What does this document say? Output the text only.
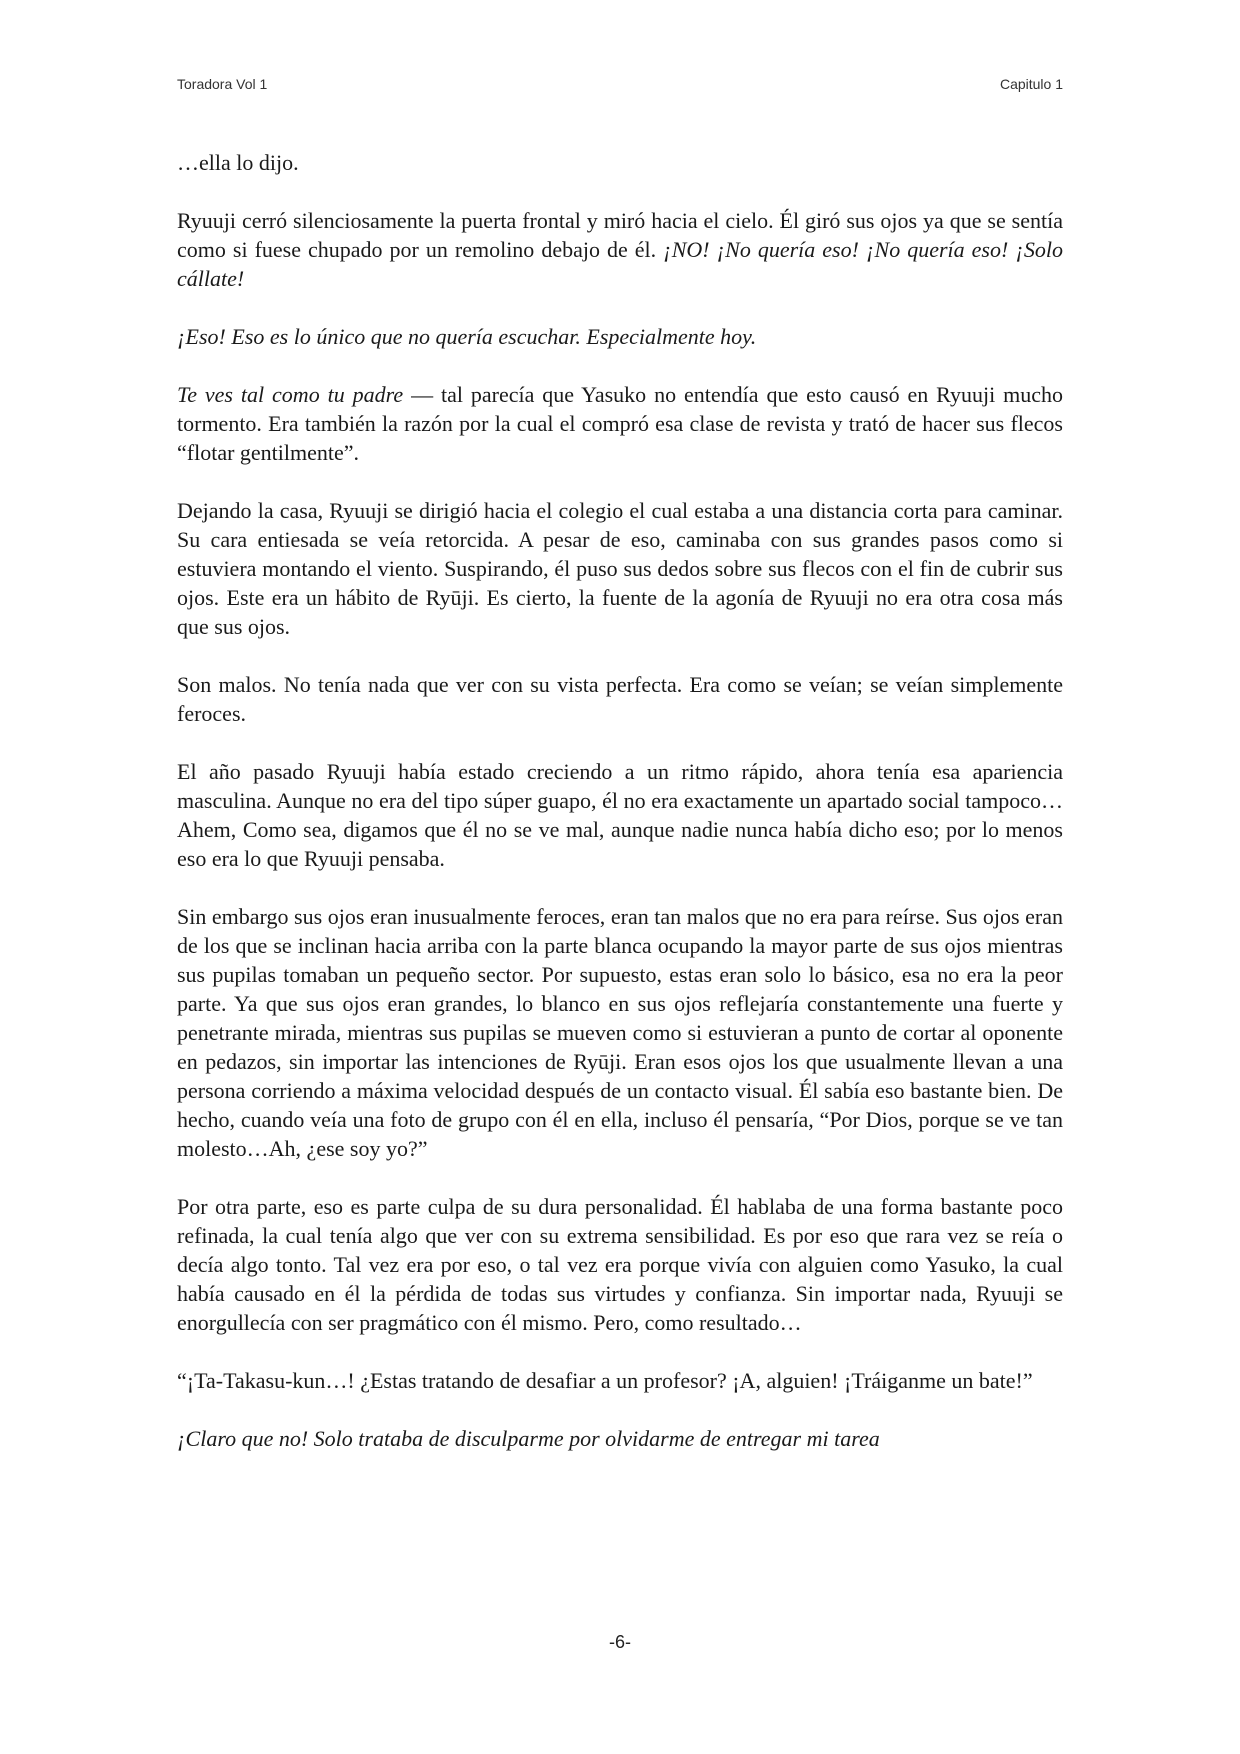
Toradora Vol 1	Capitulo 1

…ella lo dijo.

Ryuuji cerró silenciosamente la puerta frontal y miró hacia el cielo. Él giró sus ojos ya que se sentía como si fuese chupado por un remolino debajo de él. ¡NO! ¡No quería eso! ¡No quería eso! ¡Solo cállate!

¡Eso! Eso es lo único que no quería escuchar. Especialmente hoy.

Te ves tal como tu padre — tal parecía que Yasuko no entendía que esto causó en Ryuuji mucho tormento. Era también la razón por la cual el compró esa clase de revista y trató de hacer sus flecos “flotar gentilmente”.

Dejando la casa, Ryuuji se dirigió hacia el colegio el cual estaba a una distancia corta para caminar. Su cara entiesada se veía retorcida. A pesar de eso, caminaba con sus grandes pasos como si estuviera montando el viento. Suspirando, él puso sus dedos sobre sus flecos con el fin de cubrir sus ojos. Este era un hábito de Ryūji. Es cierto, la fuente de la agonía de Ryuuji no era otra cosa más que sus ojos.

Son malos. No tenía nada que ver con su vista perfecta. Era como se veían; se veían simplemente feroces.

El año pasado Ryuuji había estado creciendo a un ritmo rápido, ahora tenía esa apariencia masculina. Aunque no era del tipo súper guapo, él no era exactamente un apartado social tampoco…Ahem, Como sea, digamos que él no se ve mal, aunque nadie nunca había dicho eso; por lo menos eso era lo que Ryuuji pensaba.

Sin embargo sus ojos eran inusualmente feroces, eran tan malos que no era para reírse. Sus ojos eran de los que se inclinan hacia arriba con la parte blanca ocupando la mayor parte de sus ojos mientras sus pupilas tomaban un pequeño sector. Por supuesto, estas eran solo lo básico, esa no era la peor parte. Ya que sus ojos eran grandes, lo blanco en sus ojos reflejaría constantemente una fuerte y penetrante mirada, mientras sus pupilas se mueven como si estuvieran a punto de cortar al oponente en pedazos, sin importar las intenciones de Ryūji. Eran esos ojos los que usualmente llevan a una persona corriendo a máxima velocidad después de un contacto visual. Él sabía eso bastante bien. De hecho, cuando veía una foto de grupo con él en ella, incluso él pensaría, “Por Dios, porque se ve tan molesto…Ah, ¿ese soy yo?”

Por otra parte, eso es parte culpa de su dura personalidad. Él hablaba de una forma bastante poco refinada, la cual tenía algo que ver con su extrema sensibilidad. Es por eso que rara vez se reía o decía algo tonto. Tal vez era por eso, o tal vez era porque vivía con alguien como Yasuko, la cual había causado en él la pérdida de todas sus virtudes y confianza. Sin importar nada, Ryuuji se enorgullecía con ser pragmático con él mismo. Pero, como resultado…

“¡Ta-Takasu-kun…! ¿Estas tratando de desafiar a un profesor? ¡A, alguien! ¡Tráiganme un bate!”

¡Claro que no! Solo trataba de disculparme por olvidarme de entregar mi tarea

-6-
